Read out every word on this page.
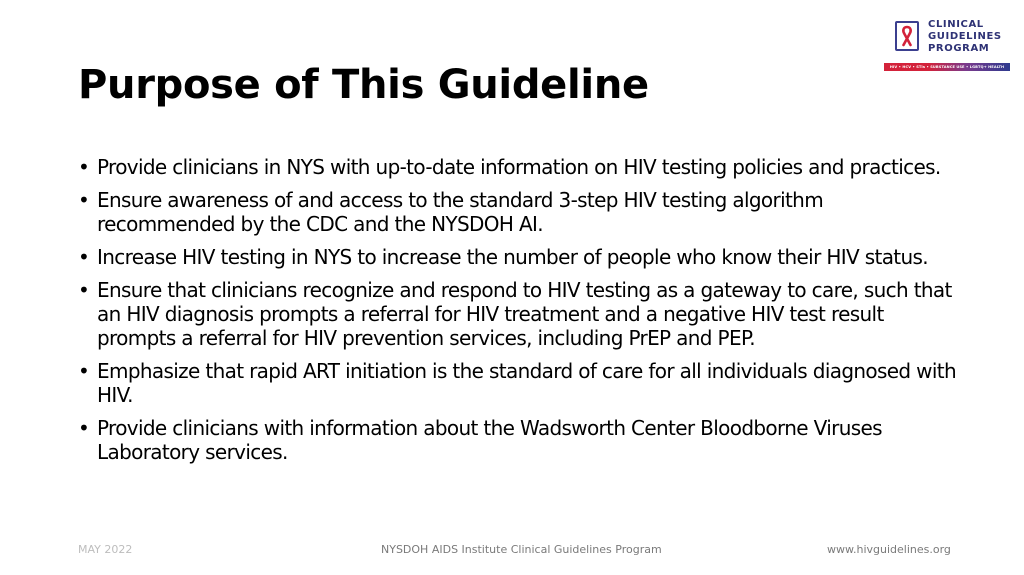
Purpose of This Guideline
CLINICAL
GUIDELINES
PROGRAM
HIV • HCV • STIs • SUBSTANCE USE • LGBTQ+ HEALTH
• Provide clinicians in NYS with up-to-date information on HIV testing policies and practices.
• Ensure awareness of and access to the standard 3-step HIV testing algorithm recommended by the CDC and the NYSDOH AI.
• Increase HIV testing in NYS to increase the number of people who know their HIV status.
• Ensure that clinicians recognize and respond to HIV testing as a gateway to care, such that an HIV diagnosis prompts a referral for HIV treatment and a negative HIV test result prompts a referral for HIV prevention services, including PrEP and PEP.
• Emphasize that rapid ART initiation is the standard of care for all individuals diagnosed with HIV.
• Provide clinicians with information about the Wadsworth Center Bloodborne Viruses Laboratory services.
MAY 2022	NYSDOH AIDS Institute Clinical Guidelines Program	www.hivguidelines.org
